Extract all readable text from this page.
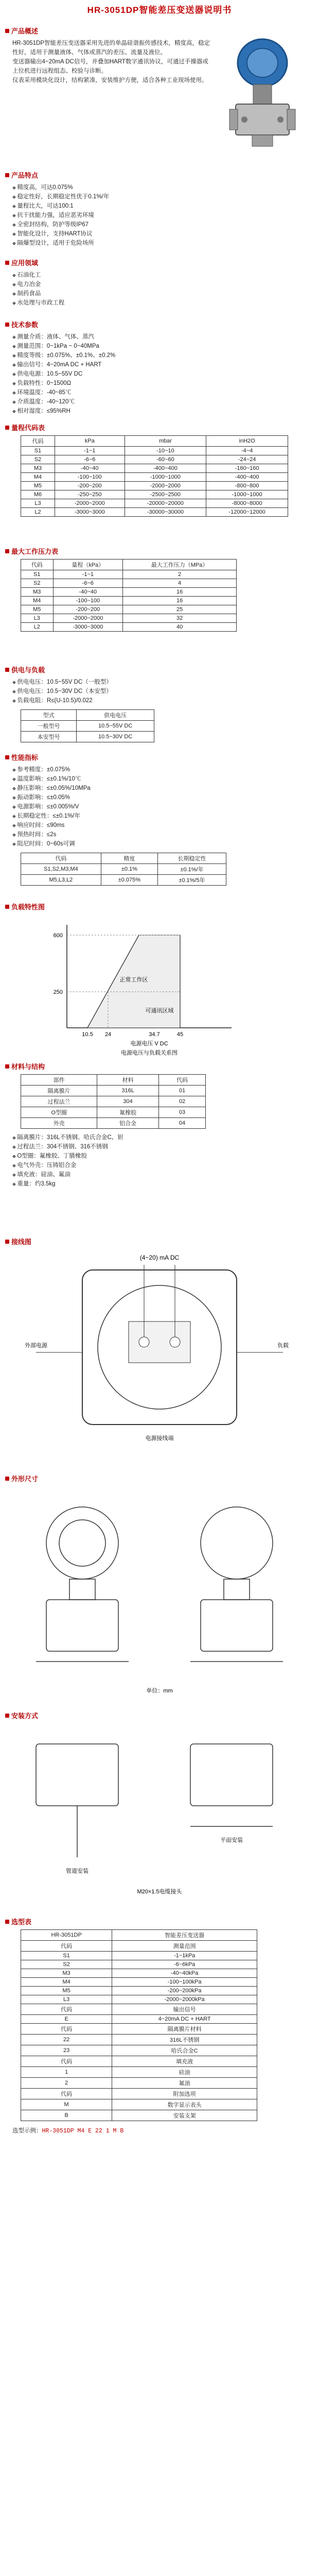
HR-3051DP智能差压变送器说明书
产品概述

HR-3051DP智能差压变送器采用先进的单晶硅谐振传感技术，精度高，稳定性好，适用于测量液体、气体或蒸汽的差压、流量及液位。

变送器输出4~20mA DC信号，并叠加HART数字通讯协议，可通过手操器或上位机进行远程组态、校验与诊断。

仪表采用模块化设计，结构紧凑，安装维护方便，适合各种工业现场使用。

产品特点
◆ 精度高，可达0.075%
◆ 稳定性好，长期稳定性优于0.1%/年
◆ 量程比大，可达100:1
◆ 抗干扰能力强，适应恶劣环境
◆ 全密封结构，防护等级IP67
◆ 智能化设计，支持HART协议
◆ 隔爆型设计，适用于危险场所
应用领域
◆ 石油化工
◆ 电力冶金
◆ 制药食品
◆ 水处理与市政工程
技术参数
◆ 测量介质：液体、气体、蒸汽
◆ 测量范围：0~1kPa ~ 0~40MPa
◆ 精度等级：±0.075%、±0.1%、±0.2%
◆ 输出信号：4~20mA DC + HART
◆ 供电电源：10.5~55V DC
◆ 负载特性：0~1500Ω
◆ 环境温度：-40~85℃
◆ 介质温度：-40~120℃
◆ 相对湿度：≤95%RH
量程代码表
代码	kPa	mbar	inH2O
S1	-1~1	-10~10	-4~4
S2	-6~6	-60~60	-24~24
M3	-40~40	-400~400	-160~160
M4	-100~100	-1000~1000	-400~400
M5	-200~200	-2000~2000	-800~800
M6	-250~250	-2500~2500	-1000~1000
L3	-2000~2000	-20000~20000	-8000~8000
L2	-3000~3000	-30000~30000	-12000~12000
最大工作压力表
代码	量程（kPa）	最大工作压力（MPa）
S1	-1~1	2
S2	-6~6	4
M3	-40~40	16
M4	-100~100	16
M5	-200~200	25
L3	-2000~2000	32
L2	-3000~3000	40
供电与负载
◆ 供电电压：10.5~55V DC（一般型）
◆ 供电电压：10.5~30V DC（本安型）
◆ 负载电阻：R≤(U-10.5)/0.022
型式	供电电压
一般型号	10.5~55V DC
本安型号	10.5~30V DC
性能指标
◆ 参考精度：±0.075%
◆ 温度影响：≤±0.1%/10℃
◆ 静压影响：≤±0.05%/10MPa
◆ 振动影响：≤±0.05%
◆ 电源影响：≤±0.005%/V
◆ 长期稳定性：≤±0.1%/年
◆ 响应时间：≤90ms
◆ 预热时间：≤2s
◆ 阻尼时间：0~60s可调
代码	精度	长期稳定性
S1,S2,M3,M4	±0.1%	±0.1%/年
M5,L3,L2	±0.075%	±0.1%/5年
负载特性图
600
250
10.5 24	34.7	45
正常工作区
可通讯区域
电源电压 V DC
电源电压与负载关系图
材料与结构
部件	材料	代码
隔离膜片	316L	01
过程法兰	304	02
O型圈	氟橡胶	03
外壳	铝合金	04
◆ 隔离膜片：316L不锈钢、哈氏合金C、钽
◆ 过程法兰：304不锈钢、316不锈钢
◆ O型圈：氟橡胶、丁腈橡胶
◆ 电气外壳：压铸铝合金
◆ 填充液：硅油、氟油
◆ 重量：约3.5kg
接线图
(4~20) mA DC
外部电源	负载
电源接线端
外形尺寸
单位：mm
安装方式
管道安装
平面安装
M20×1.5电缆接头
选型表
HR-3051DP	智能差压变送器
代码	测量范围
S1	-1~1kPa
S2	-6~6kPa
M3	-40~40kPa
M4	-100~100kPa
M5	-200~200kPa
L3	-2000~2000kPa
代码	输出信号
E	4~20mA DC + HART
代码	隔离膜片材料
22	316L不锈钢
23	哈氏合金C
代码	填充液
1	硅油
2	氟油
代码	附加选项
M	数字显示表头
B	安装支架

选型示例：HR-3051DP M4 E 22 1 M B
